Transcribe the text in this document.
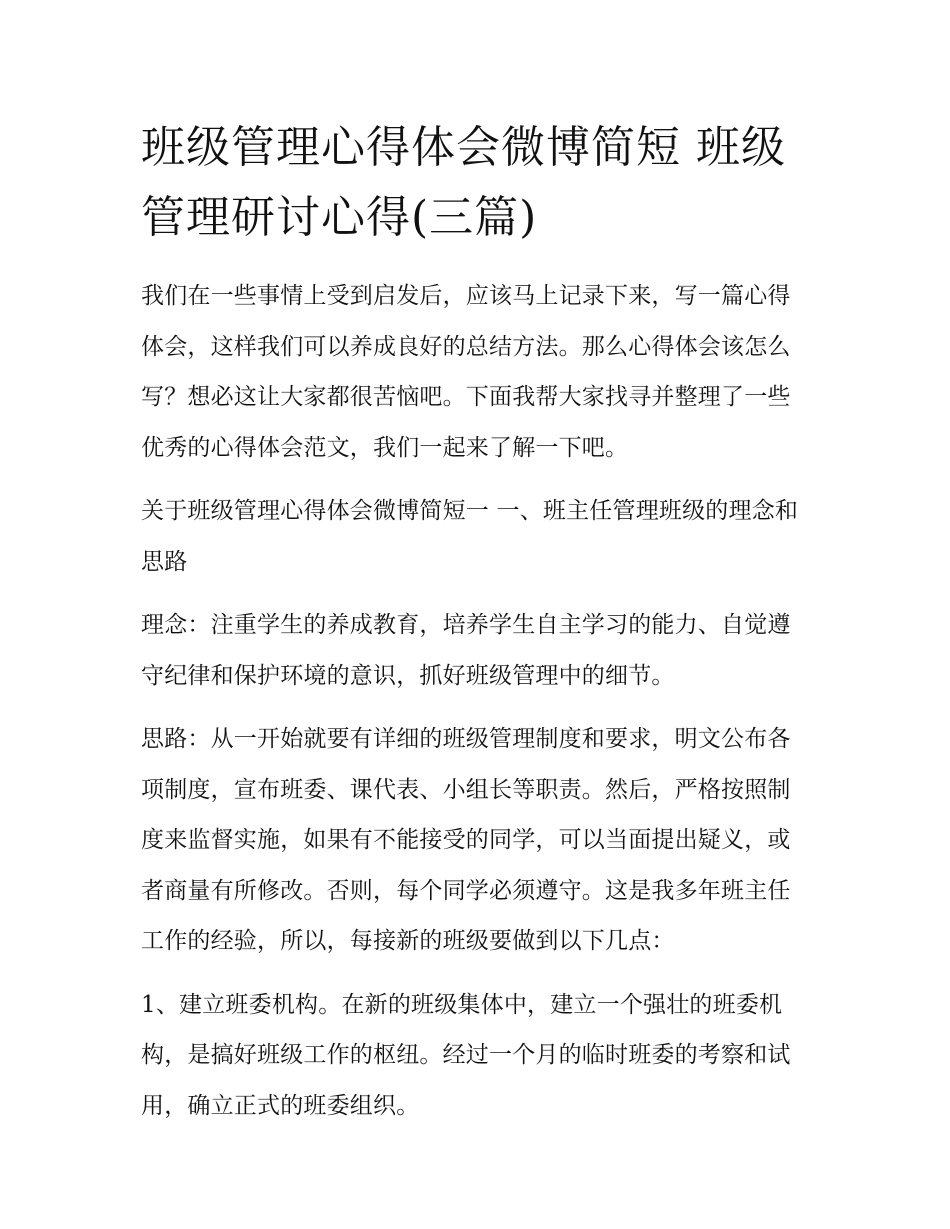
班级管理心得体会微博简短 班级管理研讨心得(三篇)

我们在一些事情上受到启发后，应该马上记录下来，写一篇心得体会，这样我们可以养成良好的总结方法。那么心得体会该怎么写？想必这让大家都很苦恼吧。下面我帮大家找寻并整理了一些优秀的心得体会范文，我们一起来了解一下吧。

关于班级管理心得体会微博简短一 一、班主任管理班级的理念和思路

理念：注重学生的养成教育，培养学生自主学习的能力、自觉遵守纪律和保护环境的意识，抓好班级管理中的细节。

思路：从一开始就要有详细的班级管理制度和要求，明文公布各项制度，宣布班委、课代表、小组长等职责。然后，严格按照制度来监督实施，如果有不能接受的同学，可以当面提出疑义，或者商量有所修改。否则，每个同学必须遵守。这是我多年班主任工作的经验，所以，每接新的班级要做到以下几点：

1、建立班委机构。在新的班级集体中，建立一个强壮的班委机构，是搞好班级工作的枢纽。经过一个月的临时班委的考察和试用，确立正式的班委组织。
